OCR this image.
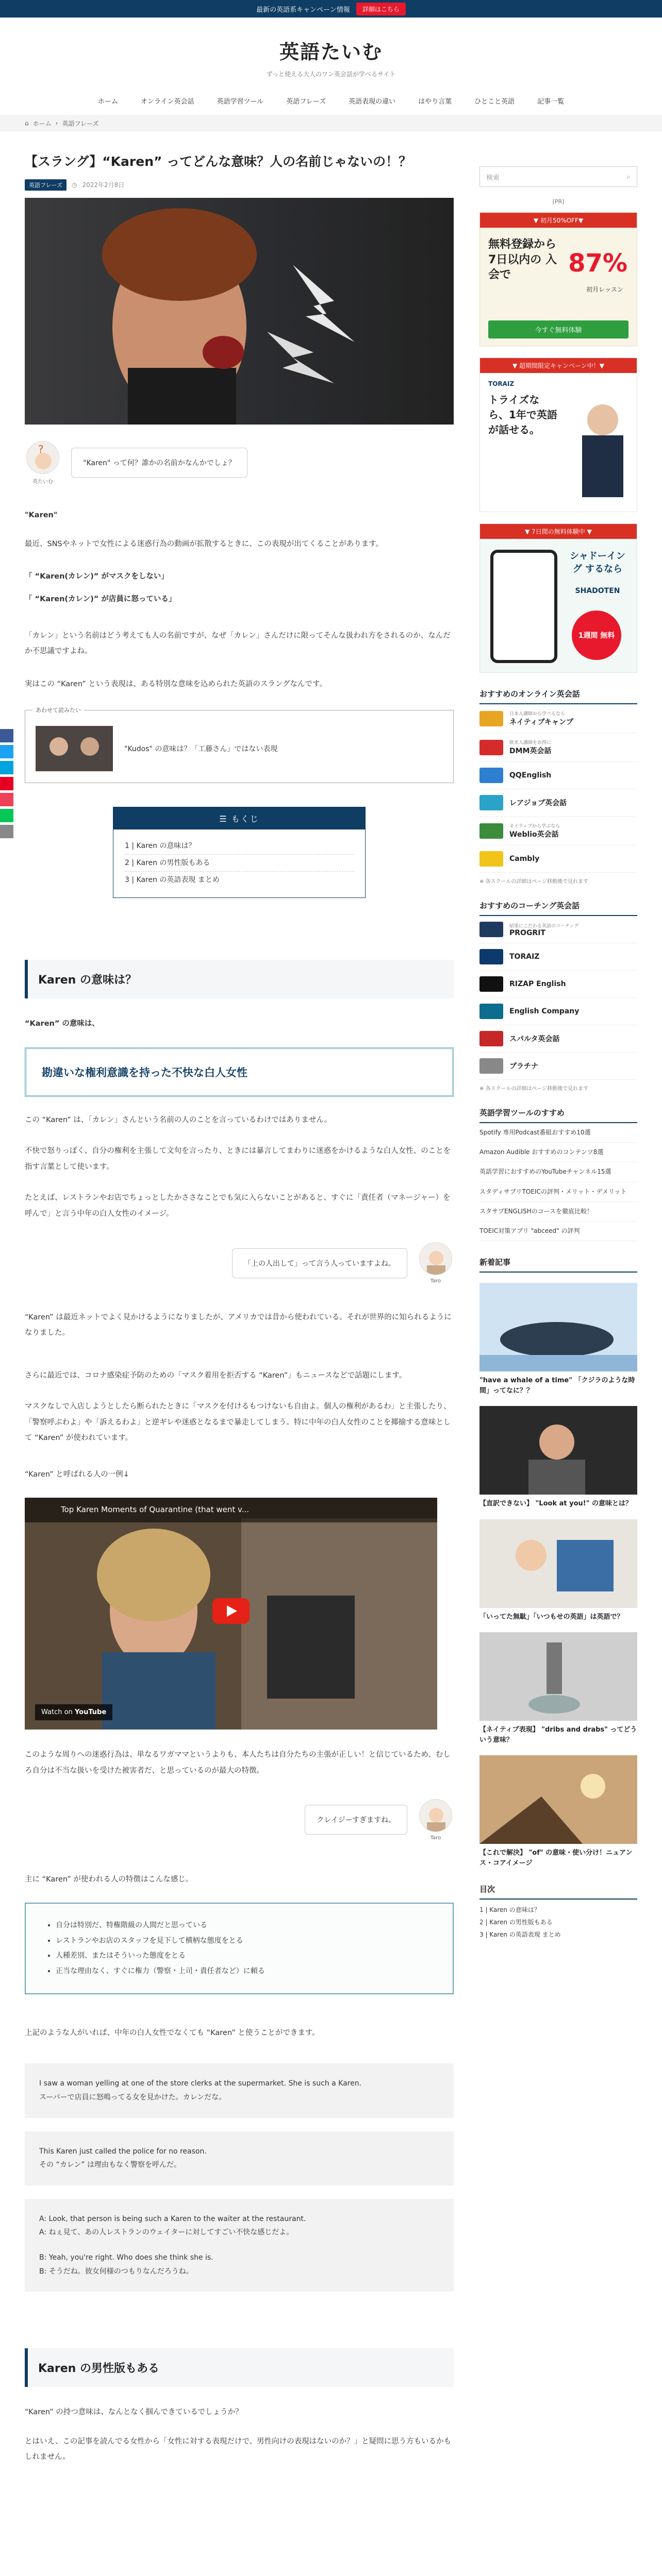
最新の英語系キャンペーン情報	詳細はこちら
英語たいむ
ずっと使える大人のワン英会話が学べるサイト
ホーム	オンライン英会話	英語学習ツール	英語フレーズ	英語表現の違い	はやり言葉	ひとこと英語	記事一覧
⌂ ホーム › 英語フレーズ
【スラング】“Karen” ってどんな意味？人の名前じゃないの！？
英語フレーズ	◷ 2022年2月8日
?
英たいむ
"Karen" って何？誰かの名前かなんかでしょ？

"Karen"

最近、SNSやネットで女性による迷惑行為の動画が拡散するときに、この表現が出てくることがあります。

「 “Karen(カレン)” がマスクをしない」

「 “Karen(カレン)” が店員に怒っている」

「カレン」という名前はどう考えても人の名前ですが、なぜ「カレン」さんだけに限ってそんな扱われ方をされるのか、なんだか不思議ですよね。

実はこの “Karen” という表現は、ある特別な意味を込められた英語のスラングなんです。

あわせて読みたい
"Kudos" の意味は？「工藤さん」ではない表現
☰ もくじ
1 | Karen の意味は？
2 | Karen の男性版もある
3 | Karen の英語表現 まとめ
Karen の意味は？

“Karen” の意味は、

勘違いな権利意識を持った不快な白人女性

この “Karen” は、「カレン」さんという名前の人のことを言っているわけではありません。

不快で怒りっぽく、自分の権利を主張して文句を言ったり、ときには暴言してまわりに迷惑をかけるような白人女性、のことを指す言葉として使います。

たとえば、レストランやお店でちょっとしたかささなことでも気に入らないことがあると、すぐに「責任者（マネージャー）を呼んで」と言う中年の白人女性のイメージ。

「上の人出して」って言う人っていますよね。
Taro

“Karen” は最近ネットでよく見かけるようになりましたが、アメリカでは昔から使われている。それが世界的に知られるようになりました。

さらに最近では、コロナ感染症予防のための「マスク着用を拒否する “Karen”」もニュースなどで話題にします。

マスクなしで入店しようとしたら断られたときに「マスクを付けるもつけないも自由よ。個人の権利があるわ」と主張したり、「警察呼ぶわよ」や「訴えるわよ」と逆ギレや迷惑となるまで暴走してしまう。特に中年の白人女性のことを揶揄する意味として “Karen” が使われています。

“Karen” と呼ばれる人の一例↓

Top Karen Moments of Quarantine (that went v...
Watch on YouTube

このような周りへの迷惑行為は、単なるワガママというよりも、本人たちは自分たちの主張が正しい！と信じているため、むしろ自分は不当な扱いを受けた被害者だ、と思っているのが最大の特徴。

クレイジーすぎますね。
Taro

主に “Karen” が使われる人の特徴はこんな感じ。

• 自分は特別だ、特権階級の人間だと思っている
• レストランやお店のスタッフを見下して横柄な態度をとる
• 人種差別、またはそういった態度をとる
• 正当な理由なく、すぐに権力（警察・上司・責任者など）に頼る

上記のような人がいれば、中年の白人女性でなくても “Karen” と使うことができます。

I saw a woman yelling at one of the store clerks at the supermarket. She is such a Karen.
スーパーで店員に怒鳴ってる女を見かけた。カレンだな。
This Karen just called the police for no reason.
その “カレン” は理由もなく警察を呼んだ。
A: Look, that person is being such a Karen to the waiter at the restaurant.
A: ねぇ見て、あの人レストランのウェイターに対してすごい不快な感じだよ。
B: Yeah, you're right. Who does she think she is.
B: そうだね。彼女何様のつもりなんだろうね。
Karen の男性版もある

“Karen” の持つ意味は、なんとなく掴んできているでしょうか？

とはいえ、この記事を読んでる女性から「女性に対する表現だけで、男性向けの表現はないのか？」と疑問に思う方もいるかもしれません。

検索	⌕
[PR]
▼ 初月50%OFF▼
無料登録から 7日以内の 入会で	87%
初月レッスン
今すぐ無料体験
▼ 超期間限定キャンペーン中！▼
TORAIZ
トライズなら、1年で英語が話せる。
▼ 7日間の無料体験中 ▼
シャドーイング するなら
SHADOTEN
1週間 無料
おすすめのオンライン英会話
日本人講師から学べるなら
ネイティブキャンプ
欧米人講師をお得に
DMM英会話
QQEnglish
レアジョブ英会話
ネイティブから学ぶなら
Weblio英会話
Cambly
※ 各スクールの詳細はページ移動後で見れます
おすすめのコーチング英会話
結果にこだわる英語のコーチング
PROGRIT
TORAIZ
RIZAP English
English Company
スパルタ英会話
プラチナ
※ 各スクールの詳細はページ移動後で見れます
英語学習ツールのすすめ
Spotify 専用Podcast番組おすすめ10選
Amazon Audible おすすめのコンテンツ8選
英語学習におすすめのYouTubeチャンネル15選
スタディサプリTOEICの評判・メリット・デメリット
スタサプENGLISHのコースを徹底比較！
TOEIC対策アプリ "abceed" の評判
新着記事
"have a whale of a time" 「クジラのような時間」ってなに？？
【直訳できない】 "Look at you!" の意味とは？
「いってた無駄」「いつもせの英語」は英語で？
【ネイティブ表現】 "dribs and drabs" ってどういう意味？
【これで解決】 "of" の意味・使い分け！ニュアンス・コアイメージ
目次
1 | Karen の意味は？
2 | Karen の男性版もある
3 | Karen の英語表現 まとめ
